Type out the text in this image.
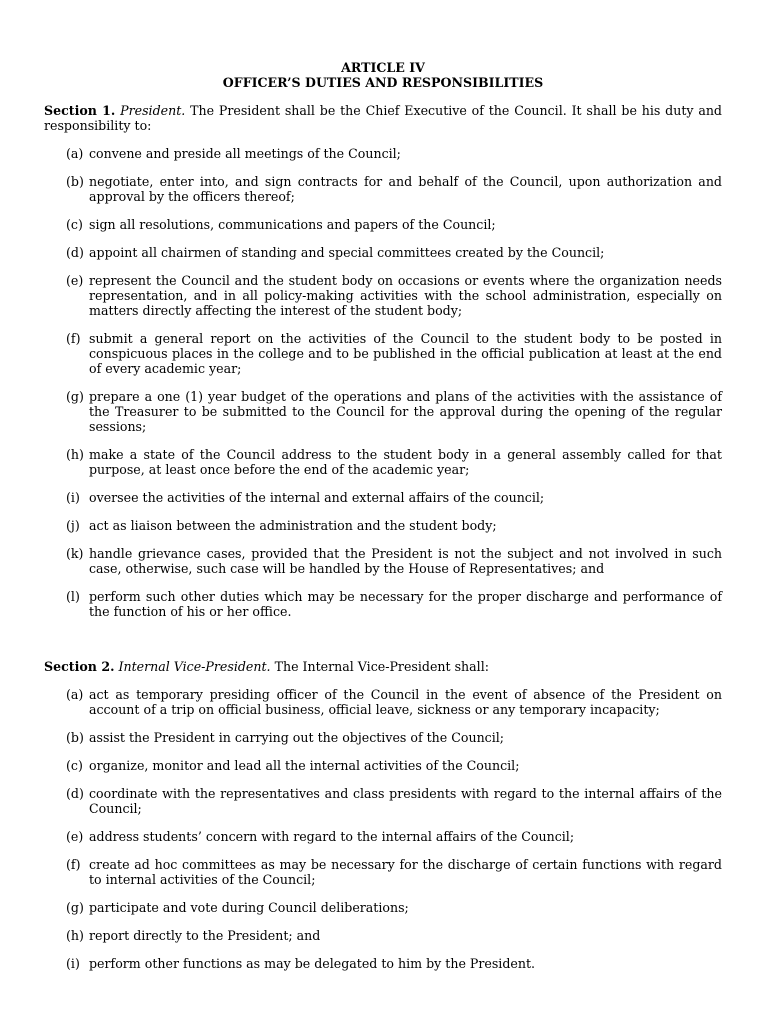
ARTICLE IV
OFFICER’S DUTIES AND RESPONSIBILITIES
Section 1. President. The President shall be the Chief Executive of the Council. It shall be his duty and responsibility to:
(a) convene and preside all meetings of the Council;
(b) negotiate, enter into, and sign contracts for and behalf of the Council, upon authorization and approval by the officers thereof;
(c) sign all resolutions, communications and papers of the Council;
(d) appoint all chairmen of standing and special committees created by the Council;
(e) represent the Council and the student body on occasions or events where the organization needs representation, and in all policy-making activities with the school administration, especially on matters directly affecting the interest of the student body;
(f) submit a general report on the activities of the Council to the student body to be posted in conspicuous places in the college and to be published in the official publication at least at the end of every academic year;
(g) prepare a one (1) year budget of the operations and plans of the activities with the assistance of the Treasurer to be submitted to the Council for the approval during the opening of the regular sessions;
(h) make a state of the Council address to the student body in a general assembly called for that purpose, at least once before the end of the academic year;
(i) oversee the activities of the internal and external affairs of the council;
(j) act as liaison between the administration and the student body;
(k) handle grievance cases, provided that the President is not the subject and not involved in such case, otherwise, such case will be handled by the House of Representatives; and
(l) perform such other duties which may be necessary for the proper discharge and performance of the function of his or her office.
Section 2. Internal Vice-President. The Internal Vice-President shall:
(a) act as temporary presiding officer of the Council in the event of absence of the President on account of a trip on official business, official leave, sickness or any temporary incapacity;
(b) assist the President in carrying out the objectives of the Council;
(c) organize, monitor and lead all the internal activities of the Council;
(d) coordinate with the representatives and class presidents with regard to the internal affairs of the Council;
(e) address students’ concern with regard to the internal affairs of the Council;
(f) create ad hoc committees as may be necessary for the discharge of certain functions with regard to internal activities of the Council;
(g) participate and vote during Council deliberations;
(h) report directly to the President; and
(i) perform other functions as may be delegated to him by the President.
